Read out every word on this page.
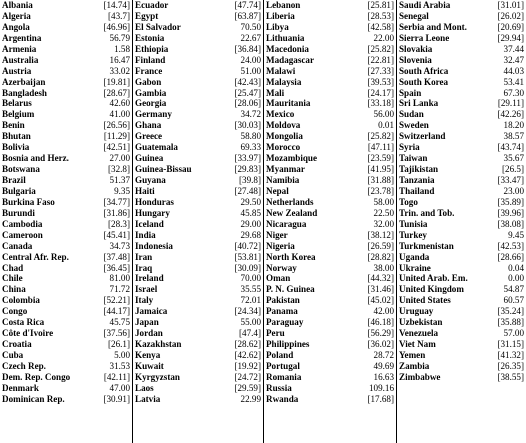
Albania
Algeria
Angola
Argentina
Armenia
Australia
Austria
Azerbaijan
Bangladesh
Belarus
Belgium
Benin
Bhutan
Bolivia
Bosnia and Herz.
Botswana
Brazil
Bulgaria
Burkina Faso
Burundi
Cambodia
Cameroon
Canada
Central Afr. Rep.
Chad
Chile
China
Colombia
Congo
Costa Rica
Côte d'Ivoire
Croatia
Cuba
Czech Rep.
Dem. Rep. Congo
Denmark
Dominican Rep.
[14.74]
[43.7]
[46.96]
56.79
1.58
16.47
33.02
[19.81]
[28.67]
42.60
41.00
[26.56]
[11.29]
[42.51]
27.00
[32.8]
51.37
9.35
[34.77]
[31.86]
[28.3]
[45.41]
34.73
[37.48]
[36.45]
81.00
71.72
[52.21]
[44.17]
45.75
[37.56]
[26.1]
5.00
31.53
[42.11]
47.00
[30.91]
Ecuador
Egypt
El Salvador
Estonia
Ethiopia
Finland
France
Gabon
Gambia
Georgia
Germany
Ghana
Greece
Guatemala
Guinea
Guinea-Bissau
Guyana
Haiti
Honduras
Hungary
Iceland
India
Indonesia
Iran
Iraq
Ireland
Israel
Italy
Jamaica
Japan
Jordan
Kazakhstan
Kenya
Kuwait
Kyrgyzstan
Laos
Latvia
[47.74]
[63.87]
70.50
22.67
[36.84]
24.00
51.00
[42.43]
[25.47]
[28.06]
34.72
[30.03]
58.80
69.33
[33.97]
[29.83]
[39.8]
[27.48]
29.50
45.85
29.00
29.68
[40.72]
[53.81]
[30.09]
70.00
35.55
72.01
[24.34]
55.00
[47.4]
[28.62]
[42.62]
[19.92]
[24.72]
[29.59]
22.99
Lebanon
Liberia
Libya
Lithuania
Macedonia
Madagascar
Malawi
Malaysia
Mali
Mauritania
Mexico
Moldova
Mongolia
Morocco
Mozambique
Myanmar
Namibia
Nepal
Netherlands
New Zealand
Nicaragua
Niger
Nigeria
North Korea
Norway
Oman
P. N. Guinea
Pakistan
Panama
Paraguay
Peru
Philippines
Poland
Portugal
Romania
Russia
Rwanda
[25.81]
[28.53]
[42.58]
22.00
[25.82]
[22.81]
[27.33]
[39.53]
[24.17]
[33.18]
56.00
0.01
[25.82]
[47.11]
[23.59]
[41.95]
[31.88]
[23.78]
58.00
22.50
32.00
[38.12]
[26.59]
[28.82]
38.00
[44.32]
[31.46]
[45.02]
42.00
[46.18]
[56.29]
[36.02]
28.72
49.69
16.63
109.16
[17.68]
Saudi Arabia
Senegal
Serbia and Mont.
Sierra Leone
Slovakia
Slovenia
South Africa
South Korea
Spain
Sri Lanka
Sudan
Sweden
Switzerland
Syria
Taiwan
Tajikistan
Tanzania
Thailand
Togo
Trin. and Tob.
Tunisia
Turkey
Turkmenistan
Uganda
Ukraine
United Arab. Em.
United Kingdom
United States
Uruguay
Uzbekistan
Venezuela
Viet Nam
Yemen
Zambia
Zimbabwe
[31.01]
[26.02]
[20.69]
[29.94]
37.44
32.47
44.03
53.41
67.30
[29.11]
[42.26]
18.20
38.57
[43.74]
35.67
[26.5]
[33.47]
23.00
[35.89]
[39.96]
[38.08]
9.45
[42.53]
[28.66]
0.04
0.00
54.87
60.57
[35.24]
[35.88]
57.00
[31.15]
[41.32]
[26.35]
[38.55]
